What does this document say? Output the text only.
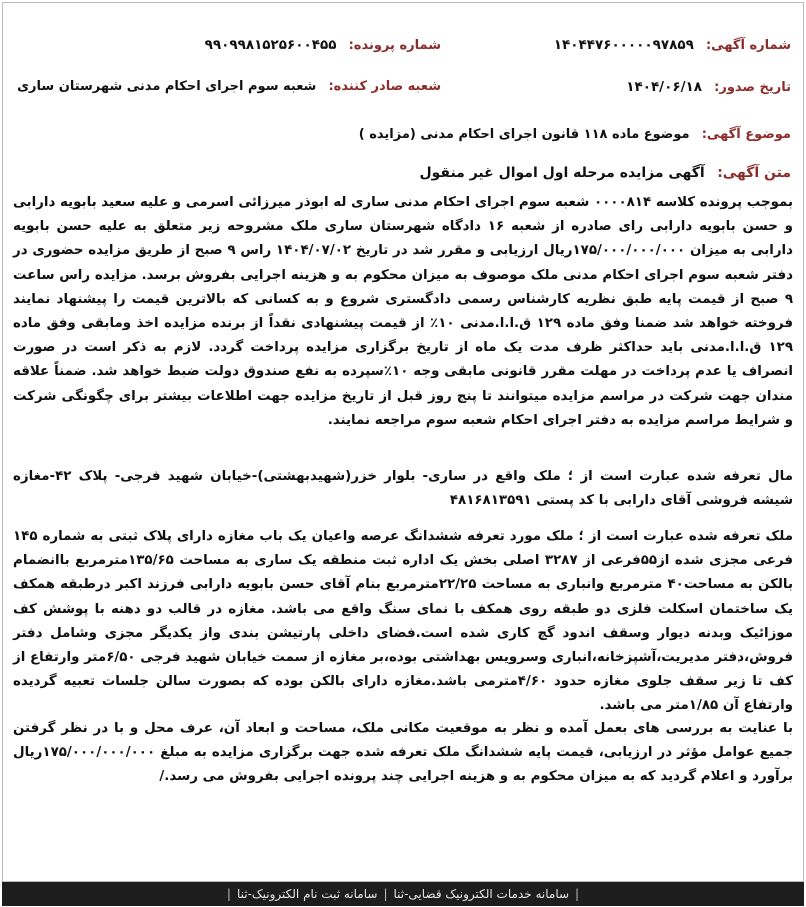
شماره آگهی: ۱۴۰۴۴۷۶۰۰۰۰۰۹۷۸۵۹
شماره پرونده: ۹۹۰۹۹۸۱۵۲۵۶۰۰۴۵۵
تاریخ صدور: ۱۴۰۴/۰۶/۱۸
شعبه صادر کننده: شعبه سوم اجرای احکام مدنی شهرستان ساری
موضوع آگهی: موضوع ماده ۱۱۸ قانون اجرای احکام مدنی (مزایده )
متن آگهی: آگهی مزایده مرحله اول اموال غیر منقول

بموجب پرونده کلاسه ۰۰۰۰۸۱۴ شعبه سوم اجرای احکام مدنی ساری له ابوذر میرزائی اسرمی و علیه سعید بابویه دارابی و حسن بابویه دارابی رای صادره از شعبه ۱۶ دادگاه شهرستان ساری ملک مشروحه زیر متعلق به علیه حسن بابویه دارابی به میزان ۱۷۵/۰۰۰/۰۰۰/۰۰۰ریال ارزیابی و مقرر شد در تاریخ ۱۴۰۴/۰۷/۰۲ راس ۹ صبح از طریق مزایده حضوری در دفتر شعبه سوم اجرای احکام مدنی ملک موصوف به میزان محکوم به و هزینه اجرایی بفروش برسد. مزایده راس ساعت ۹ صبح از قیمت پایه طبق نظریه کارشناس رسمی دادگستری شروع و به کسانی که بالاترین قیمت را پیشنهاد نمایند فروخته خواهد شد ضمنا وفق ماده ۱۲۹ ق.ا.ا.مدنی ۱۰٪ از قیمت پیشنهادی نقداً از برنده مزایده اخذ ومابقی وفق ماده ۱۲۹ ق.ا.ا.مدنی باید حداکثر ظرف مدت یک ماه از تاریخ برگزاری مزایده پرداخت گردد. لازم به ذکر است در صورت انصراف یا عدم پرداخت در مهلت مقرر قانونی مابقی وجه ۱۰٪سپرده به نفع صندوق دولت ضبط خواهد شد. ضمناً علاقه مندان جهت شرکت در مراسم مزایده میتوانند تا پنج روز قبل از تاریخ مزایده جهت اطلاعات بیشتر برای چگونگی شرکت و شرایط مراسم مزایده به دفتر اجرای احکام شعبه سوم مراجعه نمایند.

مال تعرفه شده عبارت است از ؛ ملک واقع در ساری- بلوار خزر(شهیدبهشتی)-خیابان شهید فرجی- پلاک ۴۲-مغازه شیشه فروشی آقای دارابی با کد پستی ۴۸۱۶۸۱۳۵۹۱

ملک تعرفه شده عبارت است از ؛ ملک مورد تعرفه ششدانگ عرصه واعیان یک باب مغازه دارای پلاک ثبتی به شماره ۱۴۵ فرعی مجزی شده از۵۵فرعی از ۳۲۸۷ اصلی بخش یک اداره ثبت منطقه یک ساری به مساحت ۱۳۵/۶۵مترمربع باانضمام بالکن به مساحت۴۰ مترمربع وانباری به مساحت ۲۲/۲۵مترمربع بنام آقای حسن بابویه دارابی فرزند اکبر درطبقه همکف یک ساختمان اسکلت فلزی دو طبقه روی همکف با نمای سنگ واقع می باشد. مغازه در قالب دو دهنه با پوشش کف موزائیک وبدنه دیوار وسقف اندود گچ کاری شده است.فضای داخلی پارتیشن بندی واز یکدیگر مجزی وشامل دفتر فروش،دفتر مدیریت،آشپزخانه،انباری وسرویس بهداشتی بوده،بر مغازه از سمت خیابان شهید فرجی ۶/۵۰متر وارتفاع از کف تا زیر سقف جلوی مغازه حدود ۴/۶۰مترمی باشد.مغازه دارای بالکن بوده که بصورت سالن جلسات تعبیه گردیده وارتفاع آن ۱/۸۵متر می باشد.

با عنایت به بررسی های بعمل آمده و نظر به موقعیت مکانی ملک، مساحت و ابعاد آن، عرف محل و با در نظر گرفتن جمیع عوامل مؤثر در ارزیابی، قیمت پایه ششدانگ ملک تعرفه شده جهت برگزاری مزایده به مبلغ ۱۷۵/۰۰۰/۰۰۰/۰۰۰ریال برآورد و اعلام گردید که به میزان محکوم به و هزینه اجرایی چند پرونده اجرایی بفروش می رسد./

|
سامانه خدمات الکترونیک قضایی-ثنا
|
سامانه ثبت نام الکترونیک-ثنا
|
